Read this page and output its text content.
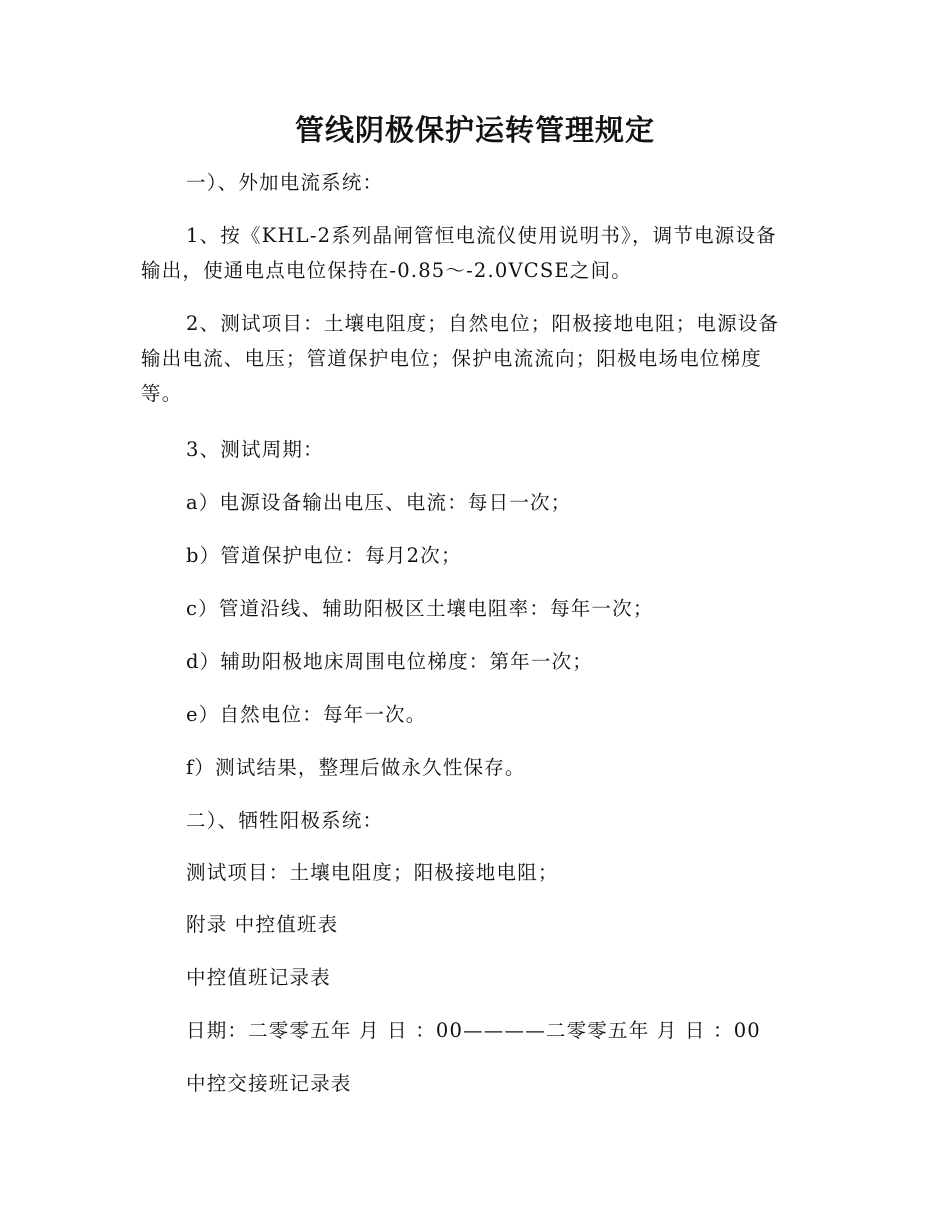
管线阴极保护运转管理规定
一）、外加电流系统：
1、按《KHL-2系列晶闸管恒电流仪使用说明书》，调节电源设备
输出，使通电点电位保持在-0.85～-2.0VCSE之间。
2、测试项目：土壤电阻度；自然电位；阳极接地电阻；电源设备
输出电流、电压；管道保护电位；保护电流流向；阳极电场电位梯度
等。
3、测试周期：
a）电源设备输出电压、电流：每日一次；
b）管道保护电位：每月2次；
c）管道沿线、辅助阳极区土壤电阻率：每年一次；
d）辅助阳极地床周围电位梯度：第年一次；
e）自然电位：每年一次。
f）测试结果，整理后做永久性保存。
二）、牺牲阳极系统：
测试项目：土壤电阻度；阳极接地电阻；
附录 中控值班表
中控值班记录表
日期：二零零五年 月 日 ：00————二零零五年 月 日 ：00
中控交接班记录表
